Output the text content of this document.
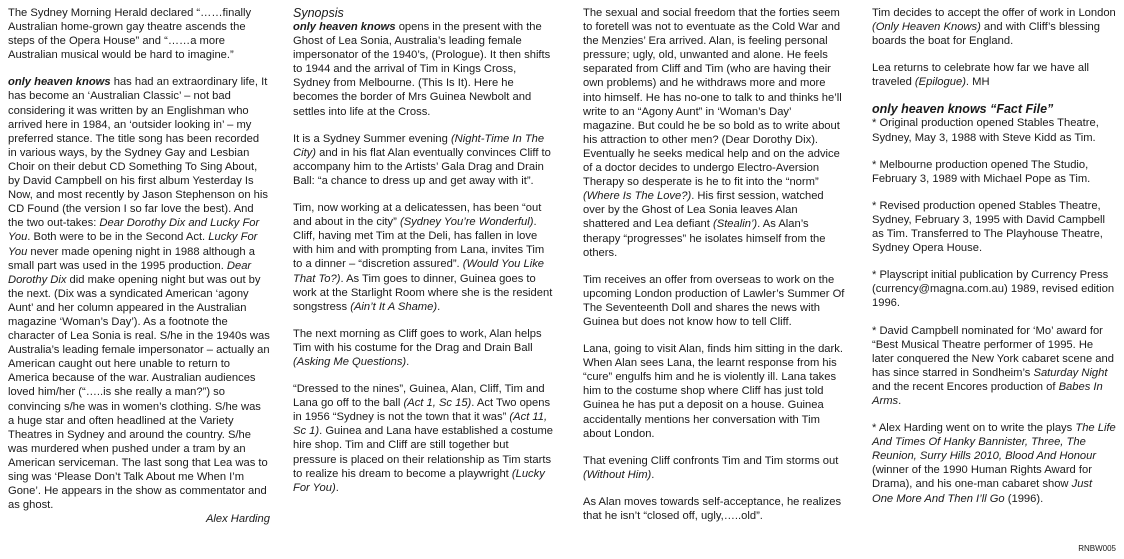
The Sydney Morning Herald declared “……finally Australian home-grown gay theatre ascends the steps of the Opera House” and “……a more Australian musical would be hard to imagine.”

only heaven knows has had an extraordinary life, It has become an ‘Australian Classic’ – not bad considering it was written by an Englishman who arrived here in 1984, an ‘outsider looking in’ – my preferred stance. The title song has been recorded in various ways, by the Sydney Gay and Lesbian Choir on their debut CD Something To Sing About, by David Campbell on his first album Yesterday Is Now, and most recently by Jason Stephenson on his CD Found (the version I so far love the best). And the two out-takes: Dear Dorothy Dix and Lucky For You. Both were to be in the Second Act. Lucky For You never made opening night in 1988 although a small part was used in the 1995 production. Dear Dorothy Dix did make opening night but was out by the next. (Dix was a syndicated American ‘agony Aunt’ and her column appeared in the Australian magazine ‘Woman’s Day’). As a footnote the character of Lea Sonia is real. S/he in the 1940s was Australia’s leading female impersonator – actually an American caught out here unable to return to America because of the war. Australian audiences loved him/her (“…..is she really a man?”) so convincing s/he was in women’s clothing. S/he was a huge star and often headlined at the Variety Theatres in Sydney and around the country. S/he was murdered when pushed under a tram by an American serviceman. The last song that Lea was to sing was ‘Please Don’t Talk About me When I’m Gone’. He appears in the show as commentator and as ghost.

Alex Harding

Synopsis

only heaven knows opens in the present with the Ghost of Lea Sonia, Australia’s leading female impersonator of the 1940’s, (Prologue). It then shifts to 1944 and the arrival of Tim in Kings Cross, Sydney from Melbourne. (This Is It). Here he becomes the border of Mrs Guinea Newbolt and settles into life at the Cross.

It is a Sydney Summer evening (Night-Time In The City) and in his flat Alan eventually convinces Cliff to accompany him to the Artists’ Gala Drag and Drain Ball: “a chance to dress up and get away with it”.

Tim, now working at a delicatessen, has been “out and about in the city” (Sydney You’re Wonderful). Cliff, having met Tim at the Deli, has fallen in love with him and with prompting from Lana, invites Tim to a dinner – “discretion assured”. (Would You Like That To?). As Tim goes to dinner, Guinea goes to work at the Starlight Room where she is the resident songstress (Ain’t It A Shame).

The next morning as Cliff goes to work, Alan helps Tim with his costume for the Drag and Drain Ball (Asking Me Questions).

“Dressed to the nines”, Guinea, Alan, Cliff, Tim and Lana go off to the ball (Act 1, Sc 15). Act Two opens in 1956 “Sydney is not the town that it was” (Act 11, Sc 1). Guinea and Lana have established a costume hire shop. Tim and Cliff are still together but pressure is placed on their relationship as Tim starts to realize his dream to become a playwright (Lucky For You).

The sexual and social freedom that the forties seem to foretell was not to eventuate as the Cold War and the Menzies’ Era arrived. Alan, is feeling personal pressure; ugly, old, unwanted and alone. He feels separated from Cliff and Tim (who are having their own problems) and he withdraws more and more into himself. He has no-one to talk to and thinks he’ll write to an “Agony Aunt” in ‘Woman’s Day’ magazine. But could he be so bold as to write about his attraction to other men? (Dear Dorothy Dix). Eventually he seeks medical help and on the advice of a doctor decides to undergo Electro-Aversion Therapy so desperate is he to fit into the “norm” (Where Is The Love?). His first session, watched over by the Ghost of Lea Sonia leaves Alan shattered and Lea defiant (Stealin’). As Alan’s therapy “progresses” he isolates himself from the others.

Tim receives an offer from overseas to work on the upcoming London production of Lawler’s Summer Of The Seventeenth Doll and shares the news with Guinea but does not know how to tell Cliff.

Lana, going to visit Alan, finds him sitting in the dark. When Alan sees Lana, the learnt response from his “cure” engulfs him and he is violently ill. Lana takes him to the costume shop where Cliff has just told Guinea he has put a deposit on a house. Guinea accidentally mentions her conversation with Tim about London.

That evening Cliff confronts Tim and Tim storms out (Without Him).

As Alan moves towards self-acceptance, he realizes that he isn’t “closed off, ugly,…..old”.

Tim decides to accept the offer of work in London (Only Heaven Knows) and with Cliff’s blessing boards the boat for England.

Lea returns to celebrate how far we have all traveled (Epilogue). MH

only heaven knows “Fact File”

* Original production opened Stables Theatre, Sydney, May 3, 1988 with Steve Kidd as Tim.

* Melbourne production opened The Studio, February 3, 1989 with Michael Pope as Tim.

* Revised production opened Stables Theatre, Sydney, February 3, 1995 with David Campbell as Tim. Transferred to The Playhouse Theatre, Sydney Opera House.

* Playscript initial publication by Currency Press (currency@magna.com.au) 1989, revised edition 1996.

* David Campbell nominated for ‘Mo’ award for “Best Musical Theatre performer of 1995. He later conquered the New York cabaret scene and has since starred in Sondheim’s Saturday Night and the recent Encores production of Babes In Arms.

* Alex Harding went on to write the plays The Life And Times Of Hanky Bannister, Three, The Reunion, Surry Hills 2010, Blood And Honour (winner of the 1990 Human Rights Award for Drama), and his one-man cabaret show Just One More And Then I’ll Go (1996).

RNBW005
